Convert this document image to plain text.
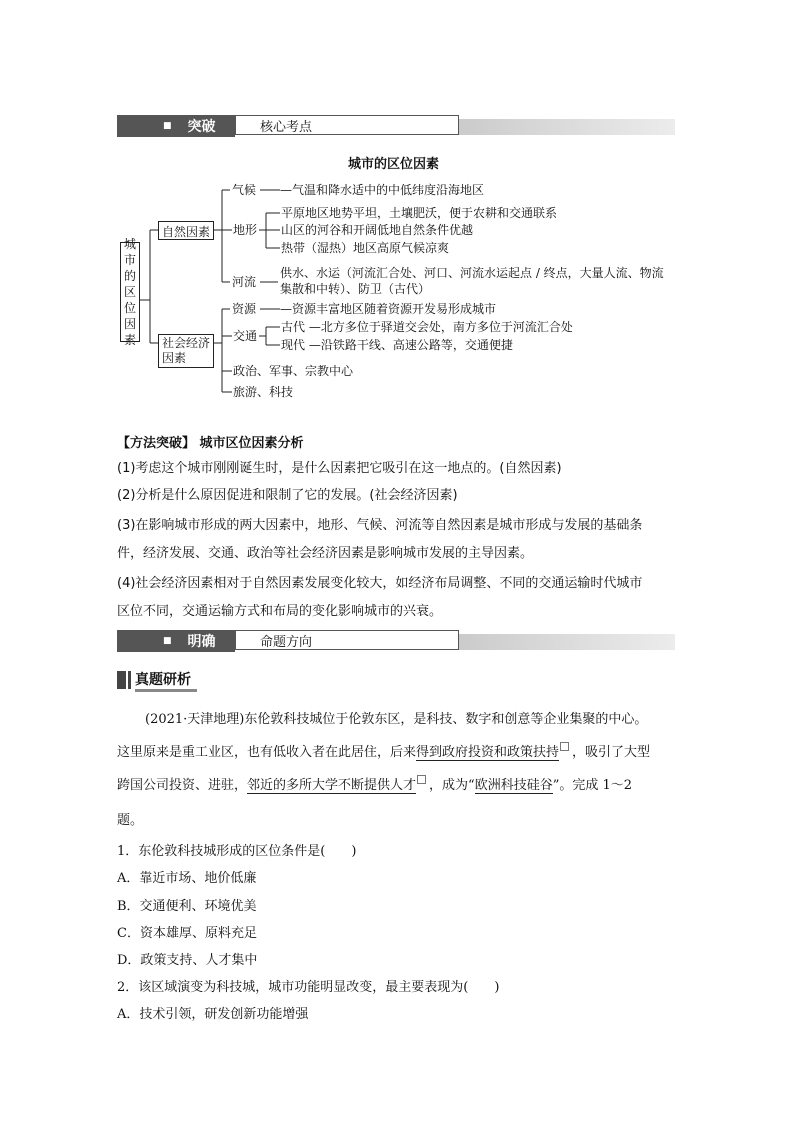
■ 突破	核心考点
城市的区位因素
城
市
的
区
位
因
素
自然因素
社会经济
因素
气候 —气温和降水适中的中低纬度沿海地区
地形
平原地区地势平坦，土壤肥沃，便于农耕和交通联系
山区的河谷和开阔低地自然条件优越
热带（湿热）地区高原气候凉爽
河流
供水、水运（河流汇合处、河口、河流水运起点 / 终点，大量人流、物流
集散和中转）、防卫（古代）
资源 —资源丰富地区随着资源开发易形成城市
交通
古代 —北方多位于驿道交会处，南方多位于河流汇合处
现代 —沿铁路干线、高速公路等，交通便捷
政治、军事、宗教中心
旅游、科技
【方法突破】 城市区位因素分析
(1)考虑这个城市刚刚诞生时，是什么因素把它吸引在这一地点的。(自然因素)
(2)分析是什么原因促进和限制了它的发展。(社会经济因素)
(3)在影响城市形成的两大因素中，地形、气候、河流等自然因素是城市形成与发展的基础条
件，经济发展、交通、政治等社会经济因素是影响城市发展的主导因素。
(4)社会经济因素相对于自然因素发展变化较大，如经济布局调整、不同的交通运输时代城市
区位不同，交通运输方式和布局的变化影响城市的兴衰。
■ 明确	命题方向
真题研析
(2021·天津地理)东伦敦科技城位于伦敦东区，是科技、数字和创意等企业集聚的中心。
这里原来是重工业区，也有低收入者在此居住，后来得到政府投资和政策扶持 ，吸引了大型
跨国公司投资、进驻，邻近的多所大学不断提供人才 ，成为“欧洲科技硅谷”。完成 1～2
题。
1．东伦敦科技城形成的区位条件是(　　)
A．靠近市场、地价低廉
B．交通便利、环境优美
C．资本雄厚、原料充足
D．政策支持、人才集中
2．该区域演变为科技城，城市功能明显改变，最主要表现为(　　)
A．技术引领，研发创新功能增强
